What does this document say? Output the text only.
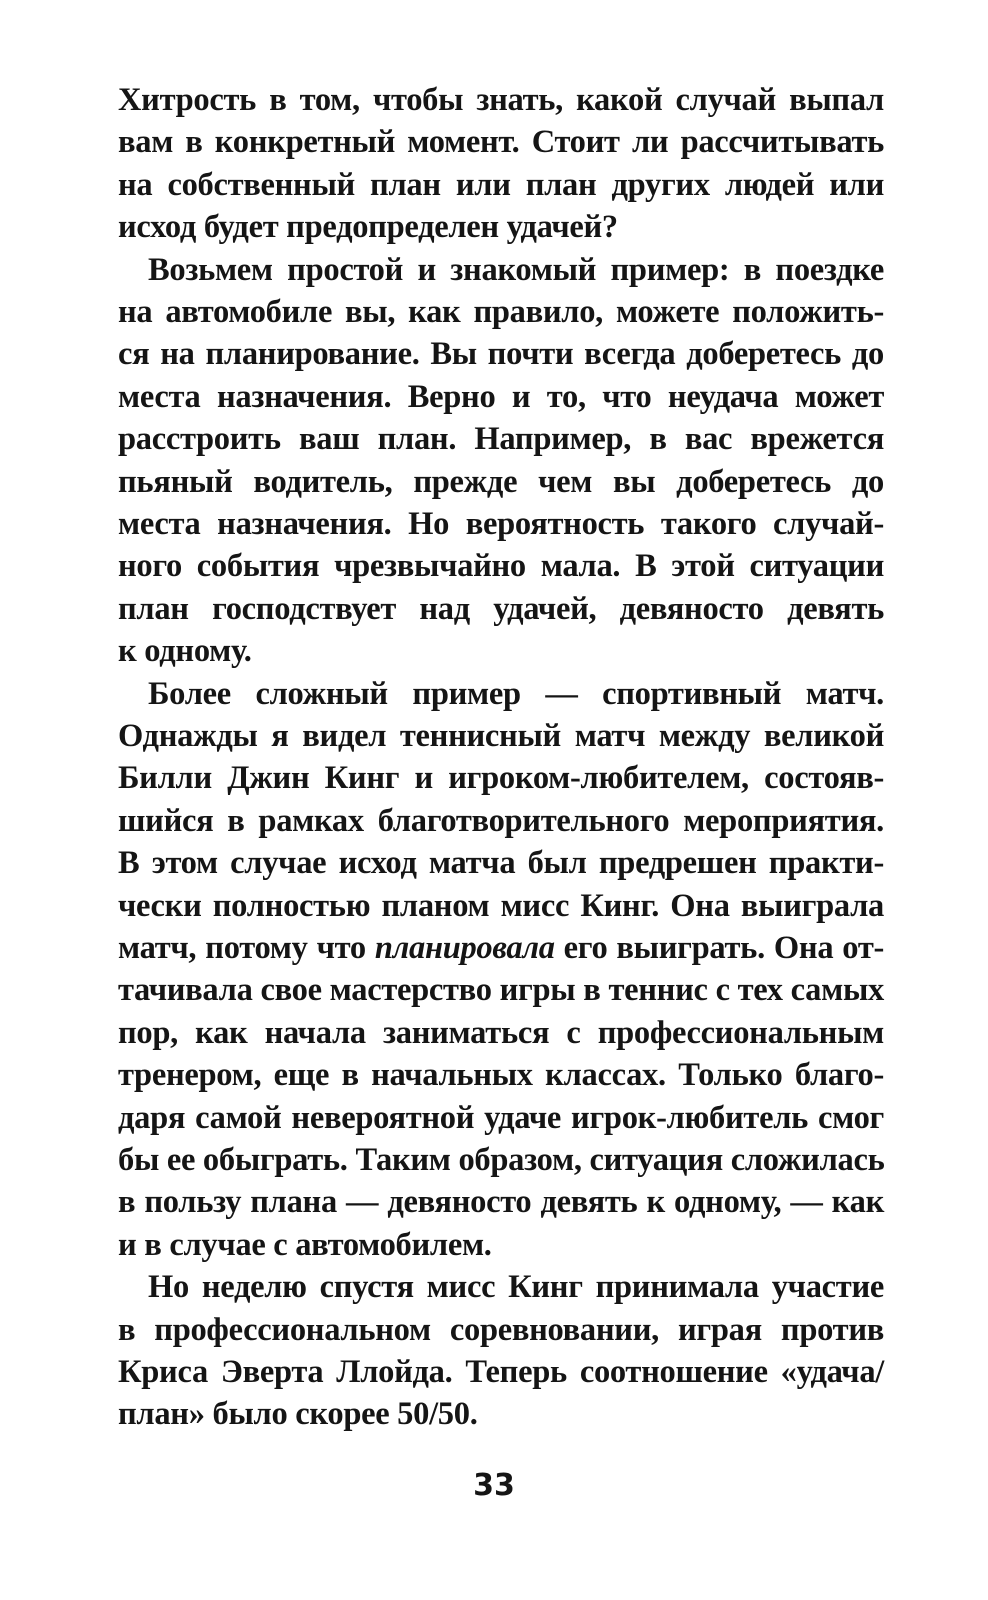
Хитрость в том, чтобы знать, какой случай выпал
вам в конкретный момент. Стоит ли рассчитывать
на собственный план или план других людей или
исход будет предопределен удачей?
Возьмем простой и знакомый пример: в поездке
на автомобиле вы, как правило, можете положить-
ся на планирование. Вы почти всегда доберетесь до
места назначения. Верно и то, что неудача может
расстроить ваш план. Например, в вас врежется
пьяный водитель, прежде чем вы доберетесь до
места назначения. Но вероятность такого случай-
ного события чрезвычайно мала. В этой ситуации
план господствует над удачей, девяносто девять
к одному.
Более сложный пример — спортивный матч.
Однажды я видел теннисный матч между великой
Билли Джин Кинг и игроком-любителем, состояв-
шийся в рамках благотворительного мероприятия.
В этом случае исход матча был предрешен практи-
чески полностью планом мисс Кинг. Она выиграла
матч, потому что планировала его выиграть. Она от-
тачивала свое мастерство игры в теннис с тех самых
пор, как начала заниматься с профессиональным
тренером, еще в начальных классах. Только благо-
даря самой невероятной удаче игрок-любитель смог
бы ее обыграть. Таким образом, ситуация сложилась
в пользу плана — девяносто девять к одному, — как
и в случае с автомобилем.
Но неделю спустя мисс Кинг принимала участие
в профессиональном соревновании, играя против
Криса Эверта Ллойда. Теперь соотношение «удача/
план» было скорее 50/50.
33
